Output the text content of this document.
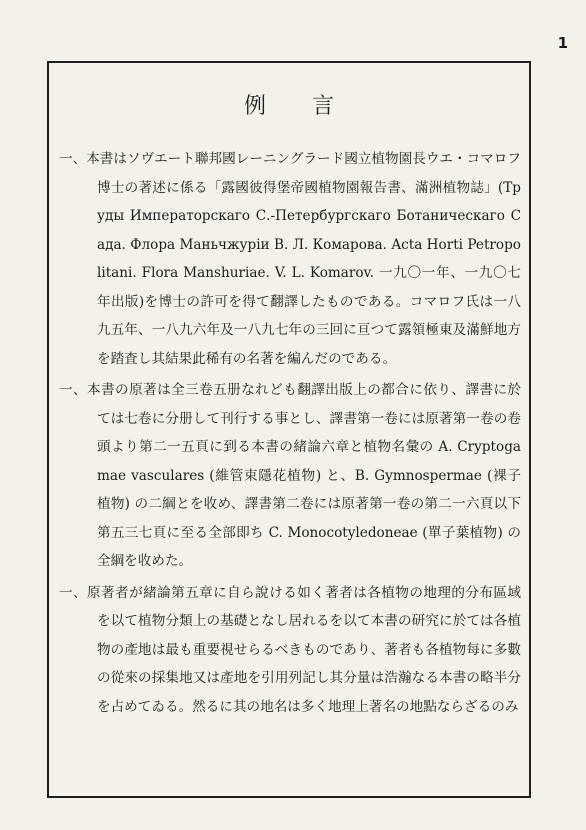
1
例言

一、本書はソヴエート聯邦國レーニングラード國立植物園長ウエ・コマロフ博士の著述に係る「露國彼得堡帝國植物園報告書、滿洲植物誌」(Труды Императорскаго С.-Петербургскаго Ботаническаго Сада. Флора Маньчжуріи В. Л. Комарова. Acta Horti Petropolitani. Flora Manshuriae. V. L. Komarov. 一九〇一年、一九〇七年出版)を博士の許可を得て翻譯したものである。コマロフ氏は一八九五年、一八九六年及一八九七年の三回に亘つて露領極東及滿鮮地方を踏査し其結果此稀有の名著を編んだのである。

一、本書の原著は全三卷五册なれども翻譯出版上の都合に依り、譯書に於ては七卷に分册して刊行する事とし、譯書第一卷には原著第一卷の卷頭より第二一五頁に到る本書の緒論六章と植物名彙の A. Cryptogamae vasculares (維管束隱花植物) と、B. Gymnospermae (裸子植物) の二綱とを收め、譯書第二卷には原著第一卷の第二一六頁以下第五三七頁に至る全部即ち C. Monocotyledoneae (單子葉植物) の全綱を收めた。

一、原著者が緒論第五章に自ら說ける如く著者は各植物の地理的分布區域を以て植物分類上の基礎となし居れるを以て本書の研究に於ては各植物の產地は最も重要視せらるべきものであり、著者も各植物每に多數の從來の採集地又は產地を引用列記し其分量は浩瀚なる本書の略半分を占めてゐる。然るに其の地名は多く地理上著名の地點ならざるのみ
